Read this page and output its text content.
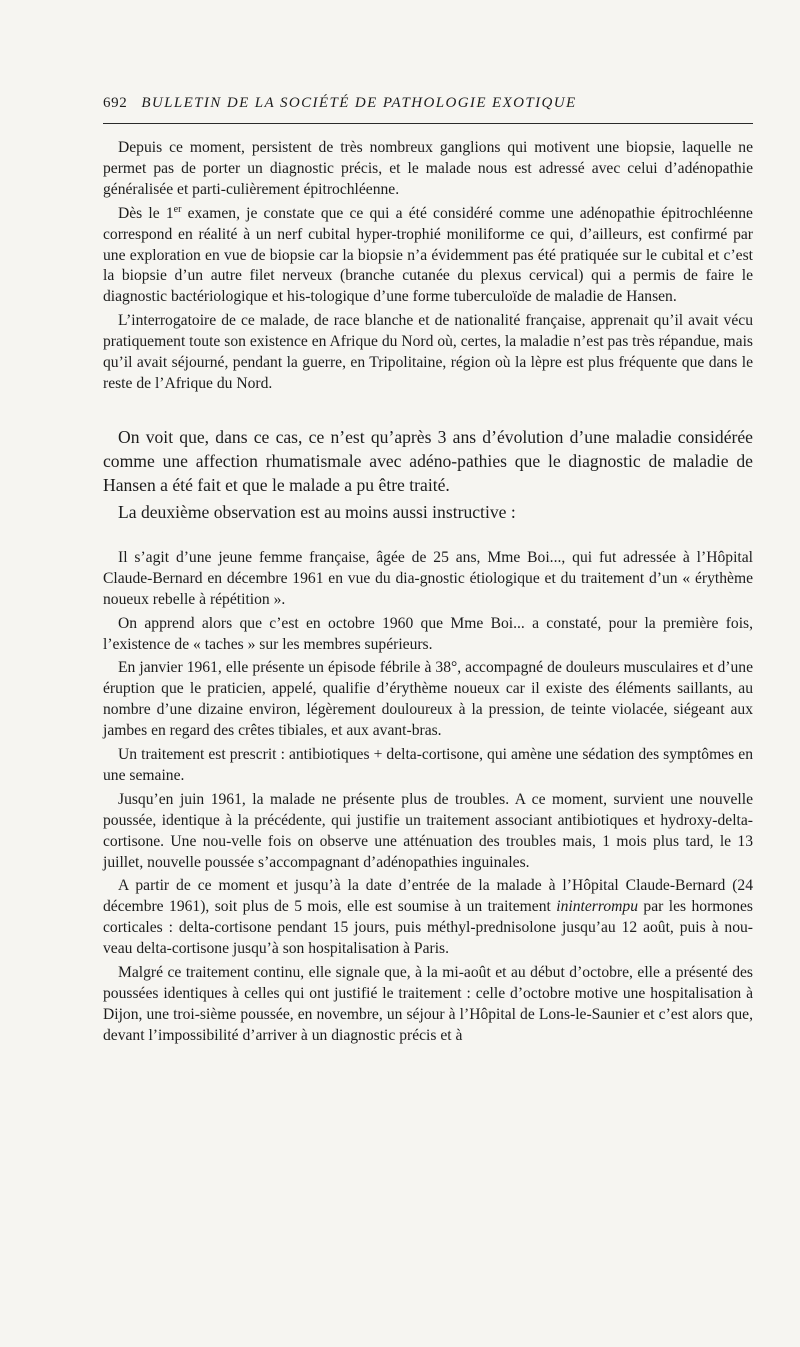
692 BULLETIN DE LA SOCIÉTÉ DE PATHOLOGIE EXOTIQUE

Depuis ce moment, persistent de très nombreux ganglions qui motivent une biopsie, laquelle ne permet pas de porter un diagnostic précis, et le malade nous est adressé avec celui d’adénopathie généralisée et parti-culièrement épitrochléenne.

Dès le 1er examen, je constate que ce qui a été considéré comme une adénopathie épitrochléenne correspond en réalité à un nerf cubital hyper-trophié moniliforme ce qui, d’ailleurs, est confirmé par une exploration en vue de biopsie car la biopsie n’a évidemment pas été pratiquée sur le cubital et c’est la biopsie d’un autre filet nerveux (branche cutanée du plexus cervical) qui a permis de faire le diagnostic bactériologique et his-tologique d’une forme tuberculoïde de maladie de Hansen.

L’interrogatoire de ce malade, de race blanche et de nationalité française, apprenait qu’il avait vécu pratiquement toute son existence en Afrique du Nord où, certes, la maladie n’est pas très répandue, mais qu’il avait séjourné, pendant la guerre, en Tripolitaine, région où la lèpre est plus fréquente que dans le reste de l’Afrique du Nord.

On voit que, dans ce cas, ce n’est qu’après 3 ans d’évolution d’une maladie considérée comme une affection rhumatismale avec adéno-pathies que le diagnostic de maladie de Hansen a été fait et que le malade a pu être traité.

La deuxième observation est au moins aussi instructive :

Il s’agit d’une jeune femme française, âgée de 25 ans, Mme Boi..., qui fut adressée à l’Hôpital Claude-Bernard en décembre 1961 en vue du dia-gnostic étiologique et du traitement d’un « érythème noueux rebelle à répétition ».

On apprend alors que c’est en octobre 1960 que Mme Boi... a constaté, pour la première fois, l’existence de « taches » sur les membres supérieurs.

En janvier 1961, elle présente un épisode fébrile à 38°, accompagné de douleurs musculaires et d’une éruption que le praticien, appelé, qualifie d’érythème noueux car il existe des éléments saillants, au nombre d’une dizaine environ, légèrement douloureux à la pression, de teinte violacée, siégeant aux jambes en regard des crêtes tibiales, et aux avant-bras.

Un traitement est prescrit : antibiotiques + delta-cortisone, qui amène une sédation des symptômes en une semaine.

Jusqu’en juin 1961, la malade ne présente plus de troubles. A ce moment, survient une nouvelle poussée, identique à la précédente, qui justifie un traitement associant antibiotiques et hydroxy-delta-cortisone. Une nou-velle fois on observe une atténuation des troubles mais, 1 mois plus tard, le 13 juillet, nouvelle poussée s’accompagnant d’adénopathies inguinales.

A partir de ce moment et jusqu’à la date d’entrée de la malade à l’Hôpital Claude-Bernard (24 décembre 1961), soit plus de 5 mois, elle est soumise à un traitement ininterrompu par les hormones corticales : delta-cortisone pendant 15 jours, puis méthyl-prednisolone jusqu’au 12 août, puis à nou-veau delta-cortisone jusqu’à son hospitalisation à Paris.

Malgré ce traitement continu, elle signale que, à la mi-août et au début d’octobre, elle a présenté des poussées identiques à celles qui ont justifié le traitement : celle d’octobre motive une hospitalisation à Dijon, une troi-sième poussée, en novembre, un séjour à l’Hôpital de Lons-le-Saunier et c’est alors que, devant l’impossibilité d’arriver à un diagnostic précis et à
